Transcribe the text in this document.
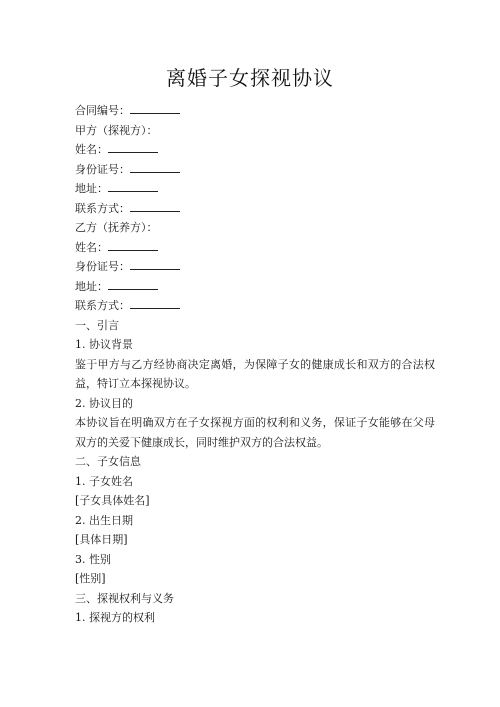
离婚子女探视协议
合同编号：
甲方（探视方）：
姓名：
身份证号：
地址：
联系方式：
乙方（抚养方）：
姓名：
身份证号：
地址：
联系方式：
一、引言
1. 协议背景
鉴于甲方与乙方经协商决定离婚，为保障子女的健康成长和双方的合法权益，特订立本探视协议。
2. 协议目的
本协议旨在明确双方在子女探视方面的权利和义务，保证子女能够在父母双方的关爱下健康成长，同时维护双方的合法权益。
二、子女信息
1. 子女姓名
[子女具体姓名]
2. 出生日期
[具体日期]
3. 性别
[性别]
三、探视权利与义务
1. 探视方的权利
